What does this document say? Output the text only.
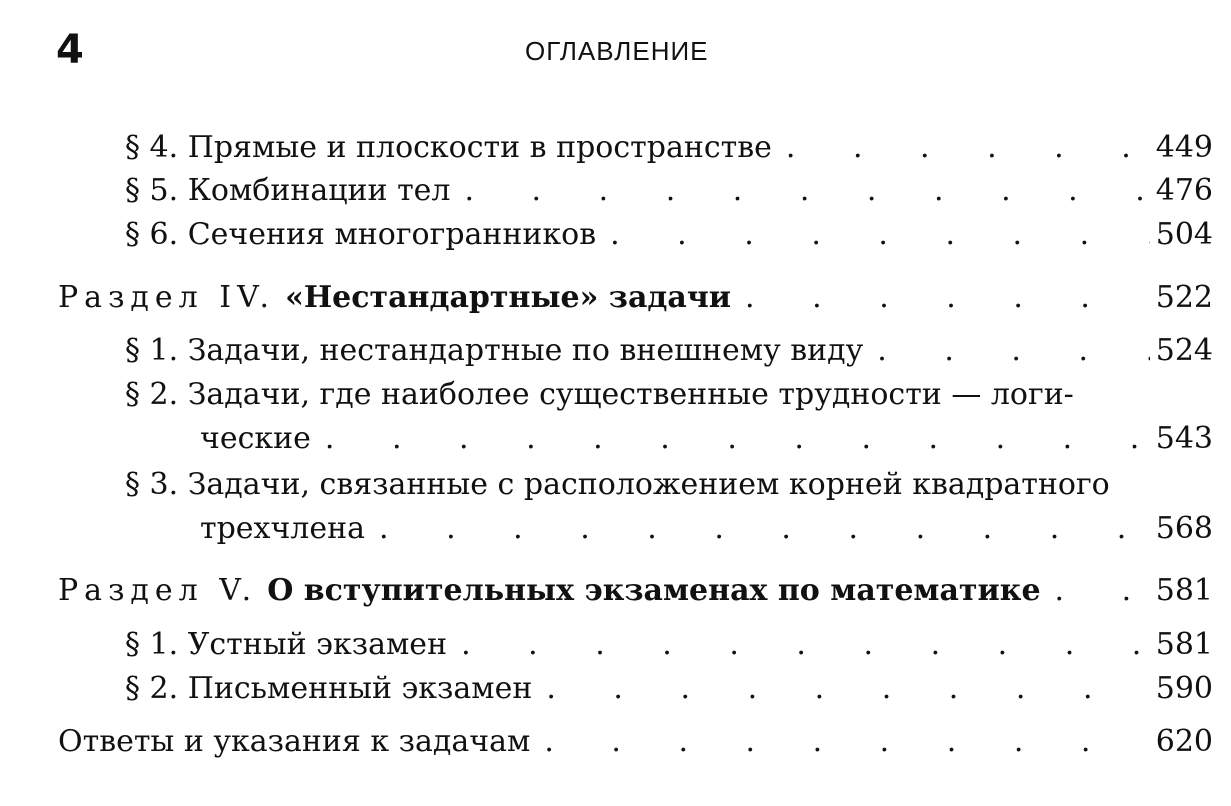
4	ОГЛАВЛЕНИЕ
§ 4. Прямые и плоскости в пространстве . . .	449
§ 5. Комбинации тел . . .	476
§ 6. Сечения многогранников . . .	504
Раздел IV. «Нестандартные» задачи . . .	522
§ 1. Задачи, нестандартные по внешнему виду . . .	524
§ 2. Задачи, где наиболее существенные трудности — логи-
ческие . . .	543
§ 3. Задачи, связанные с расположением корней квадратного
трехчлена . . .	568
Раздел V. О вступительных экзаменах по математике . . .	581
§ 1. Устный экзамен . . .	581
§ 2. Письменный экзамен . . .	590
Ответы и указания к задачам . . .	620
